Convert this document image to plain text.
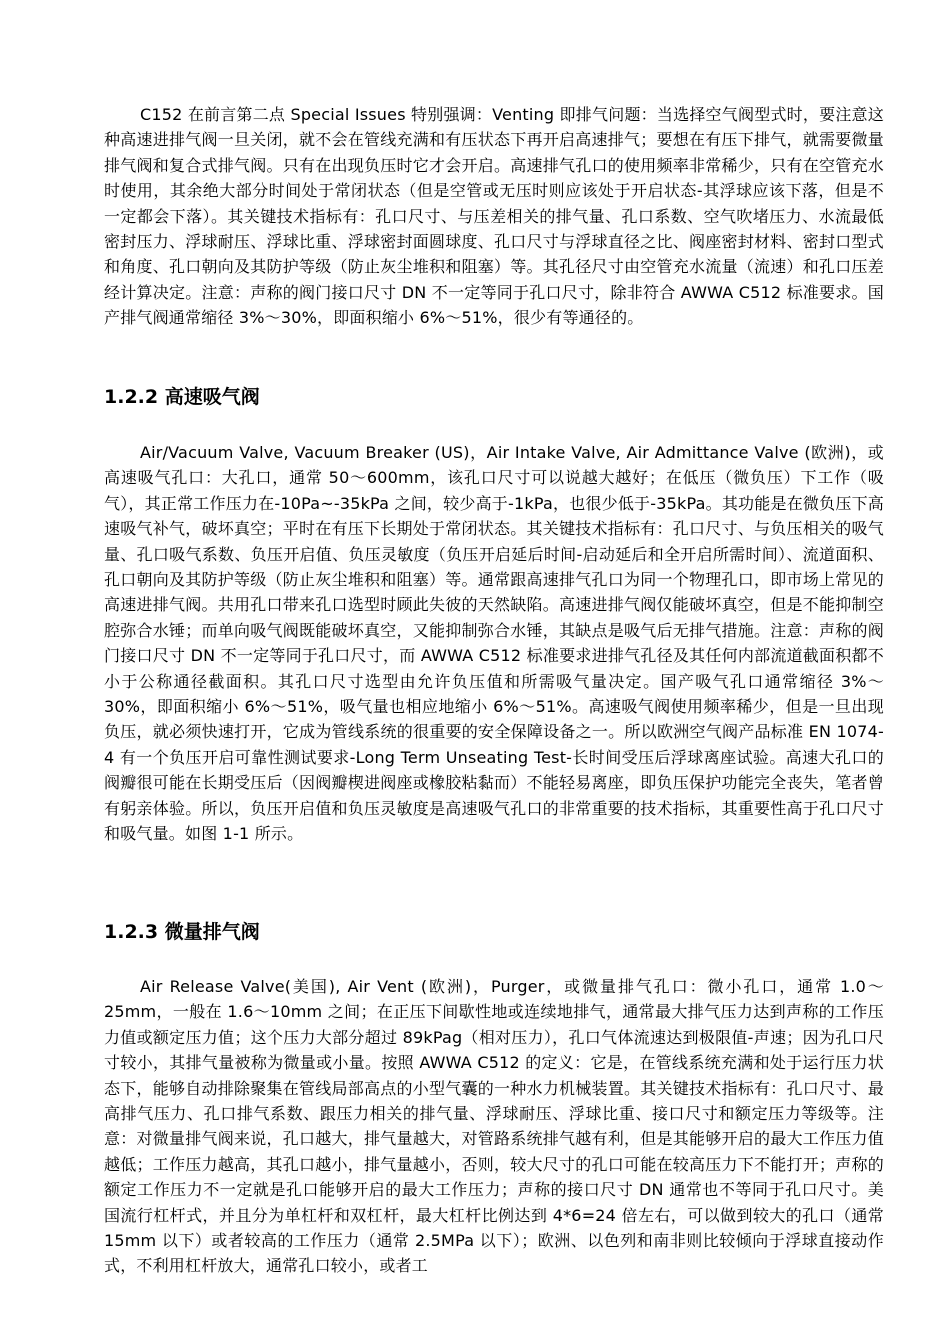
C152 在前言第二点 Special Issues 特别强调：Venting 即排气问题：当选择空气阀型式时，要注意这种高速进排气阀一旦关闭，就不会在管线充满和有压状态下再开启高速排气；要想在有压下排气，就需要微量排气阀和复合式排气阀。只有在出现负压时它才会开启。高速排气孔口的使用频率非常稀少，只有在空管充水时使用，其余绝大部分时间处于常闭状态（但是空管或无压时则应该处于开启状态-其浮球应该下落，但是不一定都会下落）。其关键技术指标有：孔口尺寸、与压差相关的排气量、孔口系数、空气吹堵压力、水流最低密封压力、浮球耐压、浮球比重、浮球密封面圆球度、孔口尺寸与浮球直径之比、阀座密封材料、密封口型式和角度、孔口朝向及其防护等级（防止灰尘堆积和阻塞）等。其孔径尺寸由空管充水流量（流速）和孔口压差经计算决定。注意：声称的阀门接口尺寸 DN 不一定等同于孔口尺寸，除非符合 AWWA C512 标准要求。国产排气阀通常缩径 3%～30%，即面积缩小 6%～51%，很少有等通径的。

1.2.2 高速吸气阀

Air/Vacuum Valve, Vacuum Breaker (US)，Air Intake Valve, Air Admittance Valve (欧洲)，或高速吸气孔口：大孔口，通常 50～600mm，该孔口尺寸可以说越大越好；在低压（微负压）下工作（吸气），其正常工作压力在-10Pa~-35kPa 之间，较少高于-1kPa，也很少低于-35kPa。其功能是在微负压下高速吸气补气，破坏真空；平时在有压下长期处于常闭状态。其关键技术指标有：孔口尺寸、与负压相关的吸气量、孔口吸气系数、负压开启值、负压灵敏度（负压开启延后时间-启动延后和全开启所需时间）、流道面积、孔口朝向及其防护等级（防止灰尘堆积和阻塞）等。通常跟高速排气孔口为同一个物理孔口，即市场上常见的高速进排气阀。共用孔口带来孔口选型时顾此失彼的天然缺陷。高速进排气阀仅能破坏真空，但是不能抑制空腔弥合水锤；而单向吸气阀既能破坏真空，又能抑制弥合水锤，其缺点是吸气后无排气措施。注意：声称的阀门接口尺寸 DN 不一定等同于孔口尺寸，而 AWWA C512 标准要求进排气孔径及其任何内部流道截面积都不小于公称通径截面积。其孔口尺寸选型由允许负压值和所需吸气量决定。国产吸气孔口通常缩径 3%～30%，即面积缩小 6%～51%，吸气量也相应地缩小 6%～51%。高速吸气阀使用频率稀少，但是一旦出现负压，就必须快速打开，它成为管线系统的很重要的安全保障设备之一。所以欧洲空气阀产品标准 EN 1074-4 有一个负压开启可靠性测试要求-Long Term Unseating Test-长时间受压后浮球离座试验。高速大孔口的阀瓣很可能在长期受压后（因阀瓣楔进阀座或橡胶粘黏而）不能轻易离座，即负压保护功能完全丧失，笔者曾有躬亲体验。所以，负压开启值和负压灵敏度是高速吸气孔口的非常重要的技术指标，其重要性高于孔口尺寸和吸气量。如图 1-1 所示。

1.2.3 微量排气阀

Air Release Valve(美国), Air Vent (欧洲)，Purger，或微量排气孔口：微小孔口，通常 1.0～25mm，一般在 1.6～10mm 之间；在正压下间歇性地或连续地排气，通常最大排气压力达到声称的工作压力值或额定压力值；这个压力大部分超过 89kPag（相对压力），孔口气体流速达到极限值-声速；因为孔口尺寸较小，其排气量被称为微量或小量。按照 AWWA C512 的定义：它是，在管线系统充满和处于运行压力状态下，能够自动排除聚集在管线局部高点的小型气囊的一种水力机械装置。其关键技术指标有：孔口尺寸、最高排气压力、孔口排气系数、跟压力相关的排气量、浮球耐压、浮球比重、接口尺寸和额定压力等级等。注意：对微量排气阀来说，孔口越大，排气量越大，对管路系统排气越有利，但是其能够开启的最大工作压力值越低；工作压力越高，其孔口越小，排气量越小，否则，较大尺寸的孔口可能在较高压力下不能打开；声称的额定工作压力不一定就是孔口能够开启的最大工作压力；声称的接口尺寸 DN 通常也不等同于孔口尺寸。美国流行杠杆式，并且分为单杠杆和双杠杆，最大杠杆比例达到 4*6=24 倍左右，可以做到较大的孔口（通常 15mm 以下）或者较高的工作压力（通常 2.5MPa 以下）；欧洲、以色列和南非则比较倾向于浮球直接动作式，不利用杠杆放大，通常孔口较小，或者工
